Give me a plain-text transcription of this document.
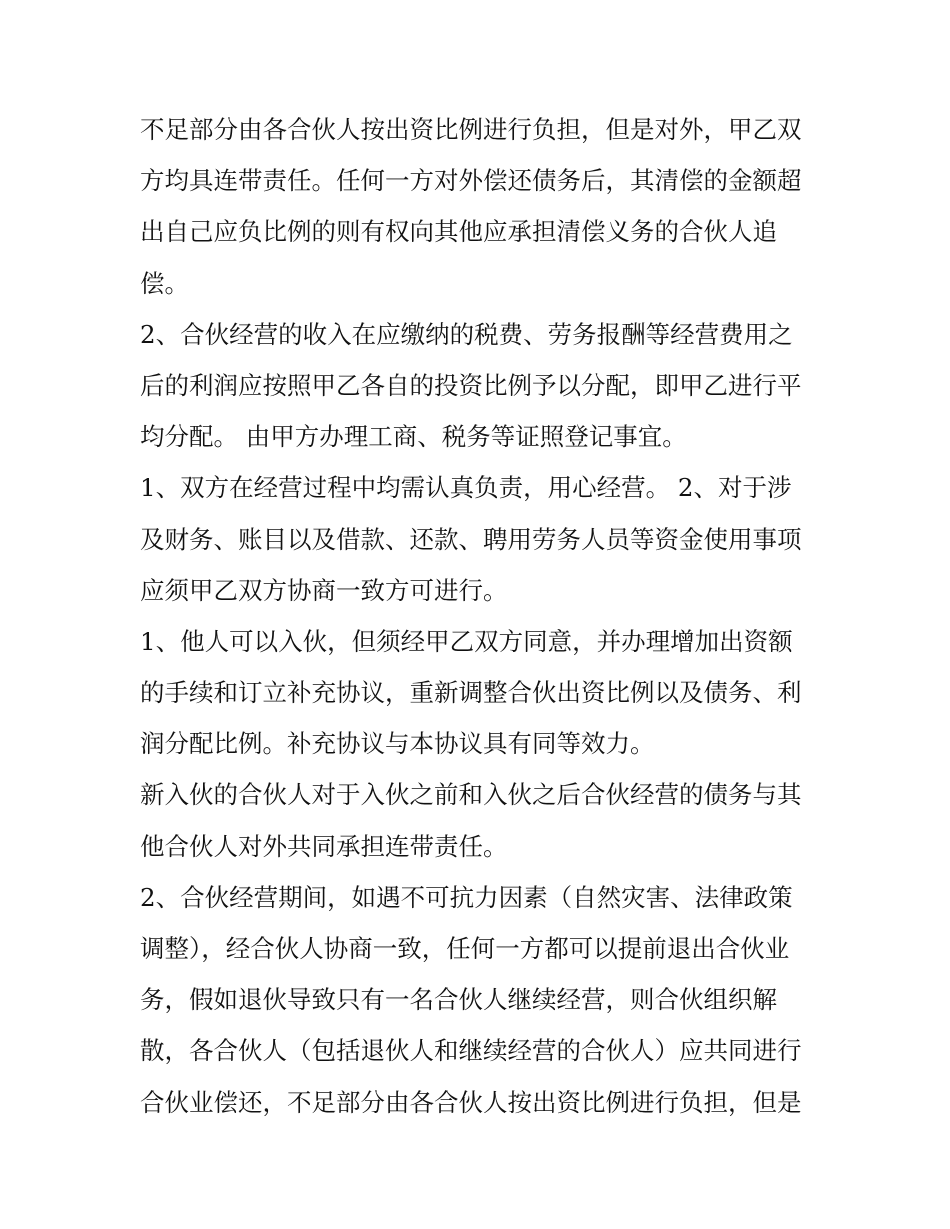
不足部分由各合伙人按出资比例进行负担，但是对外，甲乙双
方均具连带责任。任何一方对外偿还债务后，其清偿的金额超
出自己应负比例的则有权向其他应承担清偿义务的合伙人追
偿。
2、合伙经营的收入在应缴纳的税费、劳务报酬等经营费用之
后的利润应按照甲乙各自的投资比例予以分配，即甲乙进行平
均分配。 由甲方办理工商、税务等证照登记事宜。
1、双方在经营过程中均需认真负责，用心经营。 2、对于涉
及财务、账目以及借款、还款、聘用劳务人员等资金使用事项
应须甲乙双方协商一致方可进行。
1、他人可以入伙，但须经甲乙双方同意，并办理增加出资额
的手续和订立补充协议，重新调整合伙出资比例以及债务、利
润分配比例。补充协议与本协议具有同等效力。
新入伙的合伙人对于入伙之前和入伙之后合伙经营的债务与其
他合伙人对外共同承担连带责任。
2、合伙经营期间，如遇不可抗力因素（自然灾害、法律政策
调整），经合伙人协商一致，任何一方都可以提前退出合伙业
务，假如退伙导致只有一名合伙人继续经营，则合伙组织解
散，各合伙人（包括退伙人和继续经营的合伙人）应共同进行
合伙业偿还，不足部分由各合伙人按出资比例进行负担，但是
